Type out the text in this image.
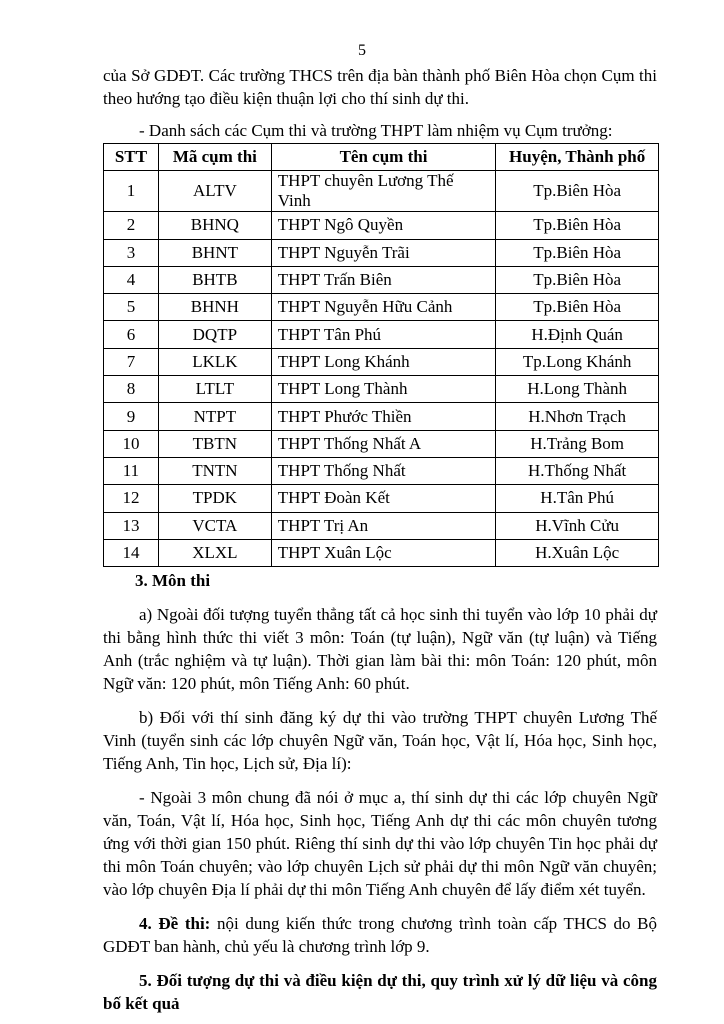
5

của Sở GDĐT. Các trường THCS trên địa bàn thành phố Biên Hòa chọn Cụm thi theo hướng tạo điều kiện thuận lợi cho thí sinh dự thi.

- Danh sách các Cụm thi và trường THPT làm nhiệm vụ Cụm trưởng:

STT	Mã cụm thi	Tên cụm thi	Huyện, Thành phố
1	ALTV	THPT chuyên Lương Thế Vinh	Tp.Biên Hòa
2	BHNQ	THPT Ngô Quyền	Tp.Biên Hòa
3	BHNT	THPT Nguyễn Trãi	Tp.Biên Hòa
4	BHTB	THPT Trấn Biên	Tp.Biên Hòa
5	BHNH	THPT Nguyễn Hữu Cảnh	Tp.Biên Hòa
6	DQTP	THPT Tân Phú	H.Định Quán
7	LKLK	THPT Long Khánh	Tp.Long Khánh
8	LTLT	THPT Long Thành	H.Long Thành
9	NTPT	THPT Phước Thiền	H.Nhơn Trạch
10	TBTN	THPT Thống Nhất A	H.Trảng Bom
11	TNTN	THPT Thống Nhất	H.Thống Nhất
12	TPDK	THPT Đoàn Kết	H.Tân Phú
13	VCTA	THPT Trị An	H.Vĩnh Cửu
14	XLXL	THPT Xuân Lộc	H.Xuân Lộc

3. Môn thi

a) Ngoài đối tượng tuyển thẳng tất cả học sinh thi tuyển vào lớp 10 phải dự thi bằng hình thức thi viết 3 môn: Toán (tự luận), Ngữ văn (tự luận) và Tiếng Anh (trắc nghiệm và tự luận). Thời gian làm bài thi: môn Toán: 120 phút, môn Ngữ văn: 120 phút, môn Tiếng Anh: 60 phút.

b) Đối với thí sinh đăng ký dự thi vào trường THPT chuyên Lương Thế Vinh (tuyển sinh các lớp chuyên Ngữ văn, Toán học, Vật lí, Hóa học, Sinh học, Tiếng Anh, Tin học, Lịch sử, Địa lí):

- Ngoài 3 môn chung đã nói ở mục a, thí sinh dự thi các lớp chuyên Ngữ văn, Toán, Vật lí, Hóa học, Sinh học, Tiếng Anh dự thi các môn chuyên tương ứng với thời gian 150 phút. Riêng thí sinh dự thi vào lớp chuyên Tin học phải dự thi môn Toán chuyên; vào lớp chuyên Lịch sử phải dự thi môn Ngữ văn chuyên; vào lớp chuyên Địa lí phải dự thi môn Tiếng Anh chuyên để lấy điểm xét tuyển.

4. Đề thi: nội dung kiến thức trong chương trình toàn cấp THCS do Bộ GDĐT ban hành, chủ yếu là chương trình lớp 9.

5. Đối tượng dự thi và điều kiện dự thi, quy trình xử lý dữ liệu và công bố kết quả
